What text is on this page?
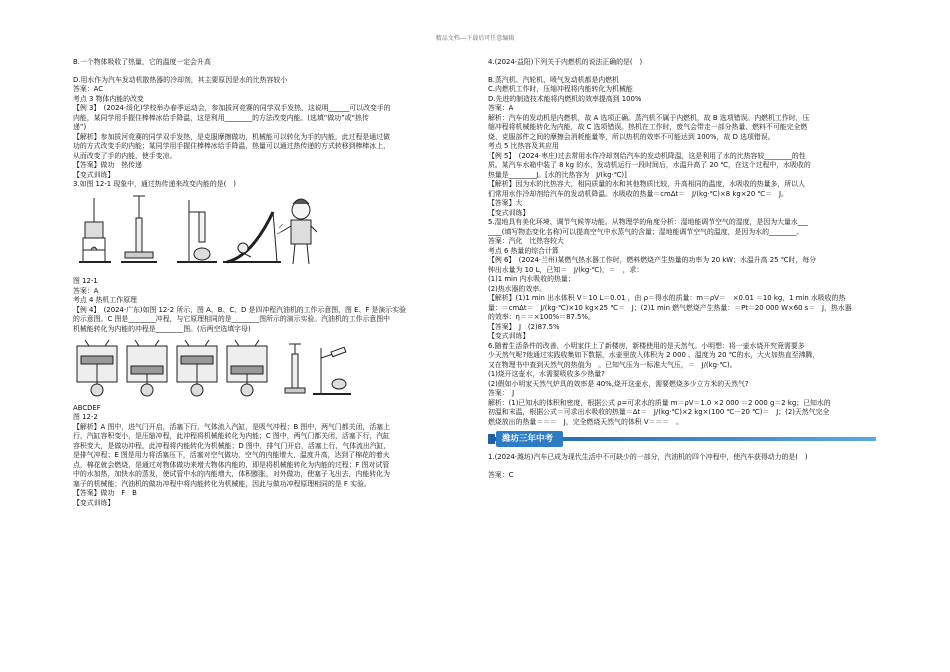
精品文档---下载后可任意编辑

B.一个物体吸收了热量，它的温度一定会升高

D.用水作为汽车发动机散热器的冷却剂，其主要原因是水的比热容较小

答案：AC

考点 3 物体内能的改变

【例 3】　(2024·绥化)学校举办春季运动会，参加拔河竞赛的同学双手发热，这说明______可以改变手的

内能，某同学用手握住棒棒冰给手降温，这是利用________的方法改变内能。(选填“做功”或“热传

递”)

【解析】参加拔河竞赛的同学双手发热，是克服摩擦做功，机械能可以转化为手的内能，此过程是通过做

功的方式改变手的内能；某同学用手握住棒棒冰给手降温，热量可以通过热传递的方式转移到棒棒冰上，

从而改变了手的内能，使手变凉。

【答案】做功　热传递

【变式训练】

3.如图 12-1 现象中，通过热传递来改变内能的是(　)

图 12-1

答案：A

考点 4 热机工作原理

【例 4】　(2024·广东)如图 12-2 所示，图 A、B、C、D 是四冲程汽油机的工作示意图，图 E、F 是演示实验

的示意图。C 图是________冲程，与它原理相同的是________图所示的演示实验。汽油机的工作示意图中

机械能转化为内能的冲程是________图。(后两空选填字母)

ABCDEF

图 12-2

【解析】A 图中，进气门开启，活塞下行，气体流入汽缸，是吸气冲程；B 图中，两气门都关闭，活塞上

行，汽缸容积变小，是压缩冲程，此冲程将机械能转化为内能；C 图中，两气门都关闭，活塞下行，汽缸

容积变大，是做功冲程，此冲程将内能转化为机械能；D 图中，排气门开启，活塞上行，气体流出汽缸，

是排气冲程；E 图是用力将活塞压下，活塞对空气做功，空气的内能增大，温度升高，达到了棉花的着火

点，棉花就会燃烧，是通过对物体做功来增大物体内能的，即是将机械能转化为内能的过程；F 图对试管

中的水加热，加快水的蒸发，使试管中水的内能增大，体积膨胀，对外做功，使塞子飞出去，内能转化为

塞子的机械能；汽油机的做功冲程中将内能转化为机械能，因此与做功冲程原理相同的是 F 实验。

【答案】做功　F　B

【变式训练】

4.(2024·益阳)下列关于内燃机的说法正确的是(　)

B.蒸汽机、汽轮机、喷气发动机都是内燃机

C.内燃机工作时，压缩冲程将内能转化为机械能

D.先进的制造技术能将内燃机的效率提高到 100%

答案：A

解析：汽车的发动机是内燃机，故 A 选项正确。蒸汽机不属于内燃机，故 B 选项错误。内燃机工作时，压

缩冲程将机械能转化为内能，故 C 选项错误。热机在工作时，废气会带走一部分热量、燃料不可能完全燃

烧、克服部件之间的摩擦会消耗能量等，所以热机的效率不可能达到 100%，故 D 选项错误。

考点 5 比热容及其应用

【例 5】　(2024·枣庄)过去常用水作冷却剂给汽车的发动机降温，这是利用了水的比热容较________的性

质。某汽车水箱中装了 8 kg 的水，发动机运行一段时间后，水温升高了 20 ℃，在这个过程中，水吸收的

热量是________J。[水的比热容为　J/(kg·℃)]

【解析】因为水的比热容大，相同质量的水和其他物质比较，升高相同的温度，水吸收的热量多，所以人

们常用水作冷却剂给汽车的发动机降温。水吸收的热量＝cmΔt＝　J/(kg·℃)×8 kg×20 ℃＝　J。

【答案】大

【变式训练】

5.湿地具有美化环境、调节气候等功能。从物理学的角度分析：湿地能调节空气的湿度，是因为大量水___

____(填写物态变化名称)可以提高空气中水蒸气的含量；湿地能调节空气的温度，是因为水的________。

答案：汽化　比热容较大

考点 6 热量的综合计算

【例 6】　(2024·兰州)某燃气热水器工作时，燃料燃烧产生热量的功率为 20 kW；水温升高 25 ℃时，每分

钟出水量为 10 L，已知＝　J/(kg·℃)，＝　，求：

(1)1 min 内水吸收的热量；

(2)热水器的效率。

【解析】(1)1 min 出水体积 V＝10 L＝0.01 ，由 ρ＝得水的质量：m＝ρV＝　×0.01 ＝10 kg，1 min 水吸收的热

量：＝cmΔt＝　J/(kg·℃)×10 kg×25 ℃＝　J；(2)1 min 燃气燃烧产生热量：＝Pt＝20 000 W×60 s＝　J，热水器

的效率：η＝＝×100%＝87.5%。

【答案】　J　(2)87.5%

【变式训练】

6.随着生活条件的改善，小明家住上了新楼房，新楼使用的是天然气。小明想：将一壶水烧开究竟需要多

少天然气呢?他通过实践收集如下数据，水壶里放入体积为 2 000 、温度为 20 ℃的水，大火加热直至沸腾，

又在物理书中查到天然气的热值为　。已知气压为一标准大气压，＝　J/(kg·℃)。

(1)烧开这壶水，水需要吸收多少热量?

(2)假如小明家天然气炉具的效率是 40%,烧开这壶水，需要燃烧多少立方米的天然气?

答案：　J

解析：(1)已知水的体积和密度，根据公式 ρ=可求水的质量 m＝ρV＝1.0 ×2 000 ＝2 000 g＝2 kg；已知水的

初温和末温，根据公式＝可求出水吸收的热量＝Δt＝　J/(kg·℃)×2 kg×(100 ℃－20 ℃)＝　J；(2)天然气完全

燃烧放出的热量＝＝＝　J，完全燃烧天然气的体积 V＝＝＝　。

潍坊三年中考

1.(2024·潍坊)汽车已成为现代生活中不可缺少的一部分，汽油机的四个冲程中，使汽车获得动力的是(　)

答案：C
